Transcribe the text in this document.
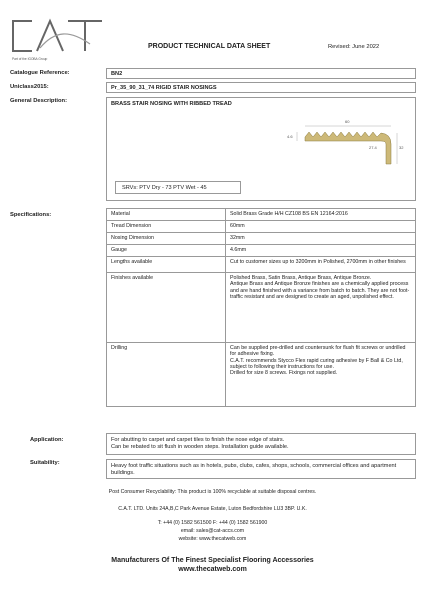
Part of the IGOBA Group
PRODUCT TECHNICAL DATA SHEET	Revised: June 2022
Catalogue Reference:	BN2
Uniclass2015:	Pr_35_90_31_74 RIGID STAIR NOSINGS
General Description:	BRASS STAIR NOSING WITH RIBBED TREAD
60
4.6
27.4	32
SRVs: PTV Dry - 73 PTV Wet - 45
Specifications:	Material	Solid Brass Grade H/H CZ108 BS EN 12164:2016
Tread Dimension	60mm
Nosing Dimension	32mm
Gauge	4.6mm
Lengths available	Cut to customer sizes up to 3200mm in Polished, 2700mm in other finishes
Finishes available	Polished Brass, Satin Brass, Antique Brass, Antique Bronze.
Antique Brass and Antique Bronze finishes are a chemically applied process and are hand finished with a variance from batch to batch. They are not foot-traffic resistant and are designed to create an aged, unpolished effect.
Drilling	Can be supplied pre-drilled and countersunk for flush fit screws or undrilled for adhesive fixing.
C.A.T. recommends Stycco Flex rapid curing adhesive by F Ball & Co Ltd, subject to following their instructions for use.
Drilled for size 8 screws. Fixings not supplied.
Application:	For abutting to carpet and carpet tiles to finish the nose edge of stairs.
Can be rebated to sit flush in wooden steps. Installation guide available.
Suitability:	Heavy foot traffic situations such as in hotels, pubs, clubs, cafes, shops, schools, commercial offices and apartment buildings.
Post Consumer Recyclability: This product is 100% recyclable at suitable disposal centres.
C.A.T. LTD. Units 24A,B,C Park Avenue Estate, Luton Bedfordshire LU3 3BP. U.K.
T: +44 (0) 1582 561500 F: +44 (0) 1582 561900
email: sales@cat-accs.com
website: www.thecatweb.com
Manufacturers Of The Finest Specialist Flooring Accessories
www.thecatweb.com
